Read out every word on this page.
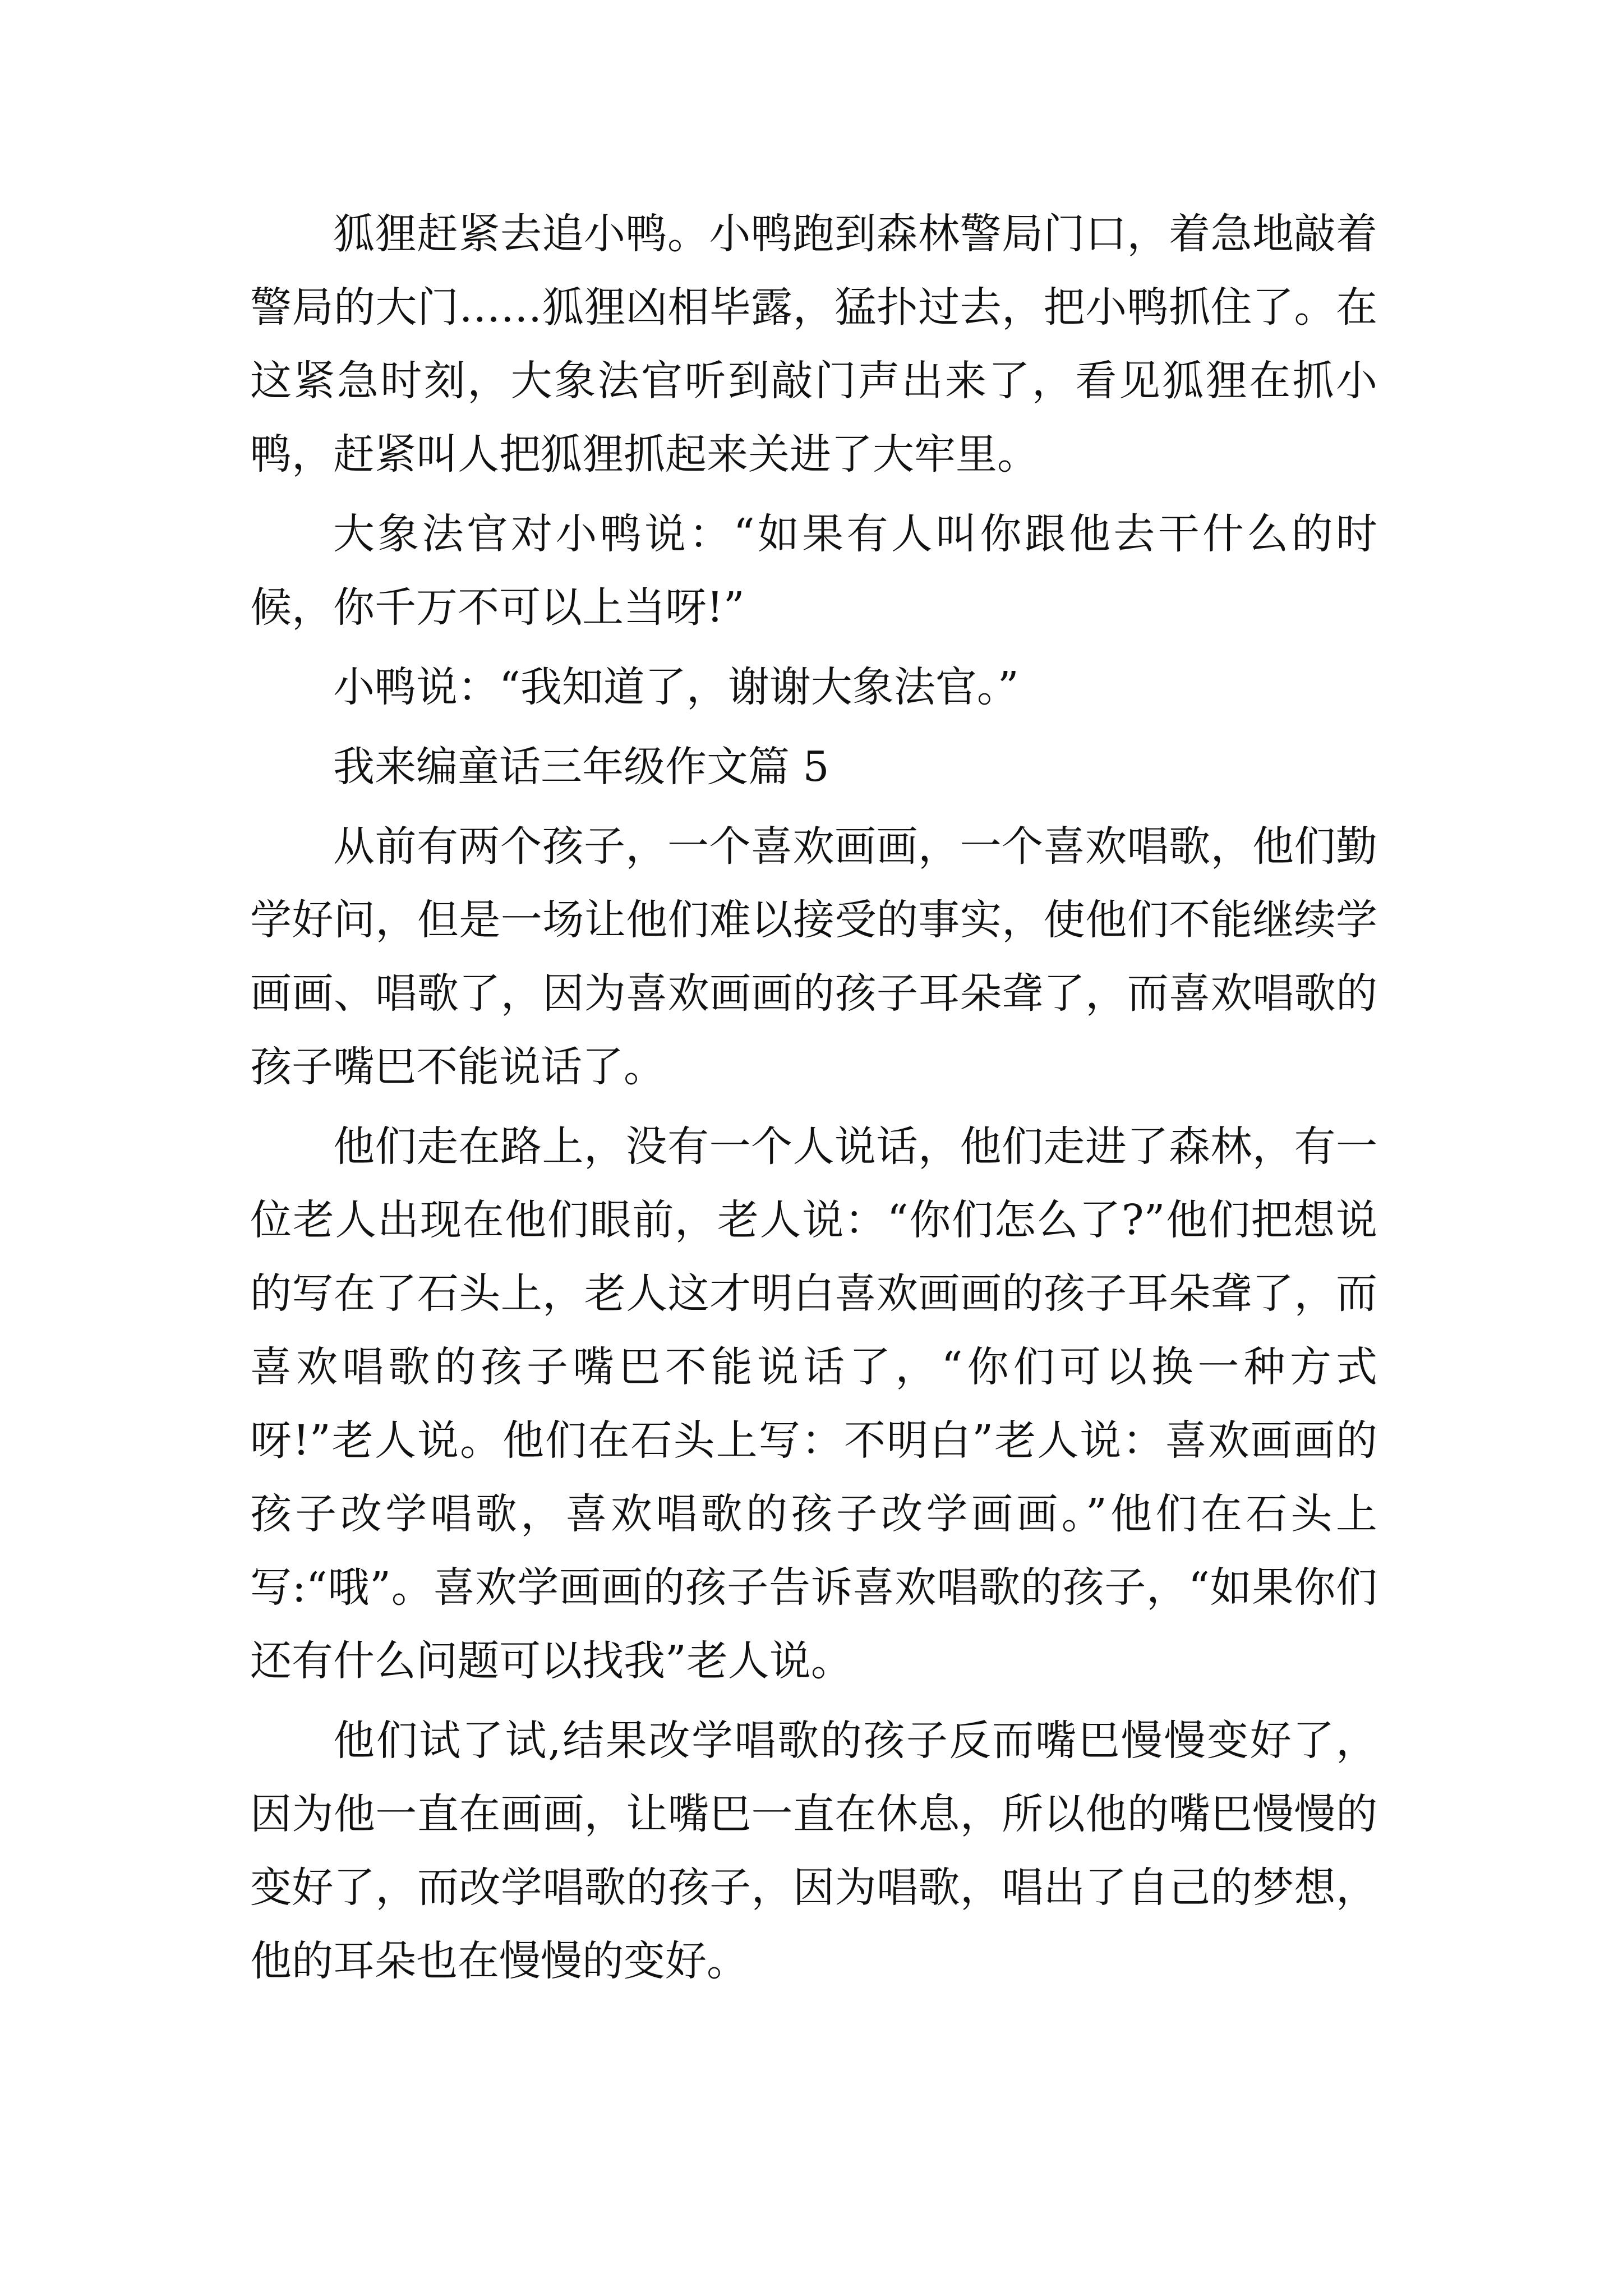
狐狸赶紧去追小鸭。小鸭跑到森林警局门口，着急地敲着警局的大门……狐狸凶相毕露，猛扑过去，把小鸭抓住了。在这紧急时刻，大象法官听到敲门声出来了，看见狐狸在抓小鸭，赶紧叫人把狐狸抓起来关进了大牢里。

大象法官对小鸭说：“如果有人叫你跟他去干什么的时候，你千万不可以上当呀!”

小鸭说：“我知道了，谢谢大象法官。”

我来编童话三年级作文篇 5

从前有两个孩子，一个喜欢画画，一个喜欢唱歌，他们勤学好问，但是一场让他们难以接受的事实，使他们不能继续学画画、唱歌了，因为喜欢画画的孩子耳朵聋了，而喜欢唱歌的孩子嘴巴不能说话了。

他们走在路上，没有一个人说话，他们走进了森林，有一位老人出现在他们眼前，老人说：“你们怎么了?”他们把想说的写在了石头上，老人这才明白喜欢画画的孩子耳朵聋了，而喜欢唱歌的孩子嘴巴不能说话了，“你们可以换一种方式呀!”老人说。他们在石头上写：不明白”老人说：喜欢画画的孩子改学唱歌，喜欢唱歌的孩子改学画画。”他们在石头上写:“哦”。喜欢学画画的孩子告诉喜欢唱歌的孩子，“如果你们还有什么问题可以找我”老人说。

他们试了试,结果改学唱歌的孩子反而嘴巴慢慢变好了，因为他一直在画画，让嘴巴一直在休息，所以他的嘴巴慢慢的变好了，而改学唱歌的孩子，因为唱歌，唱出了自己的梦想，他的耳朵也在慢慢的变好。
